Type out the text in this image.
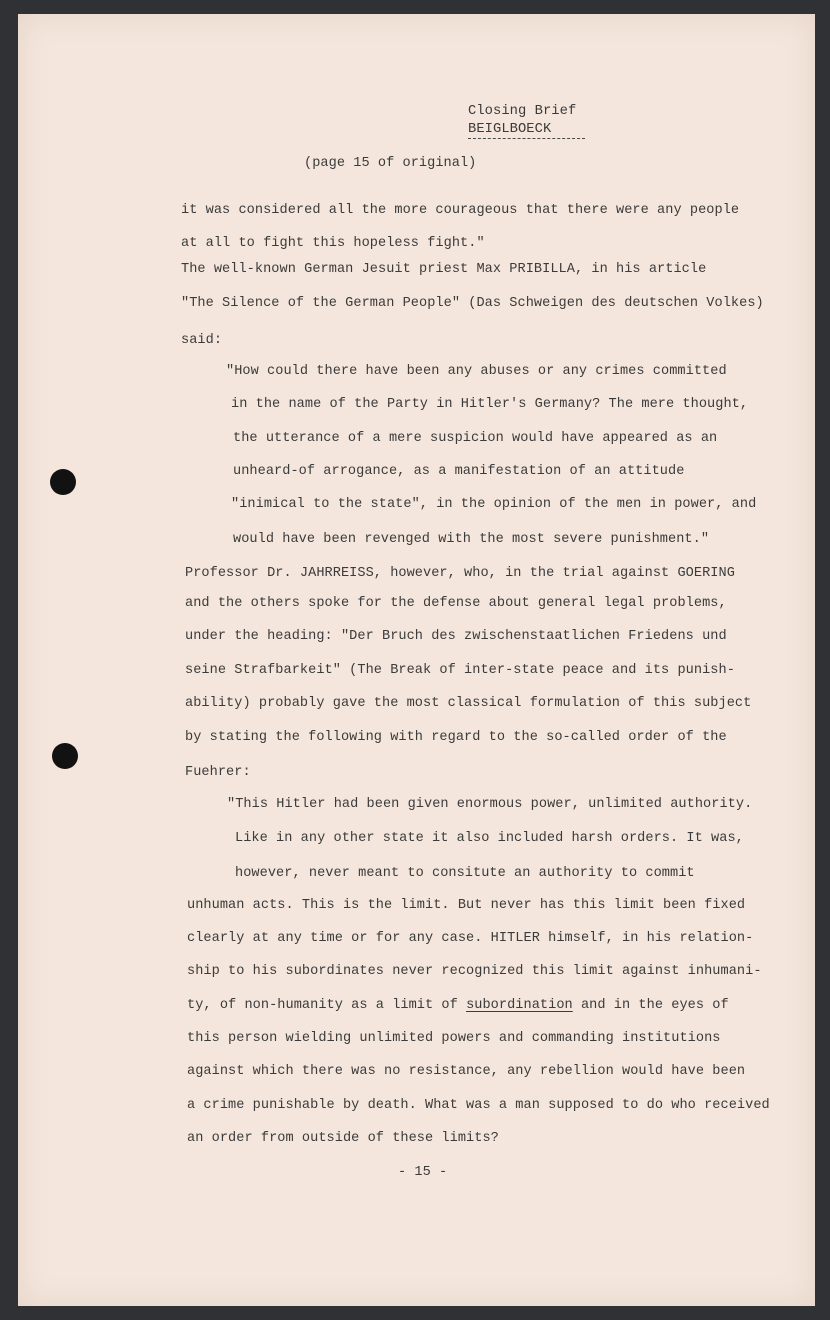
Closing Brief
BEIGLBOECK
(page 15 of original)
it was considered all the more courageous that there were any people
at all to fight this hopeless fight."
The well-known German Jesuit priest Max PRIBILLA, in his article
"The Silence of the German People" (Das Schweigen des deutschen Volkes)
said:
"How could there have been any abuses or any crimes committed
in the name of the Party in Hitler's Germany? The mere thought,
the utterance of a mere suspicion would have appeared as an
unheard-of arrogance, as a manifestation of an attitude
"inimical to the state", in the opinion of the men in power, and
would have been revenged with the most severe punishment."
Professor Dr. JAHRREISS, however, who, in the trial against GOERING
and the others spoke for the defense about general legal problems,
under the heading: "Der Bruch des zwischenstaatlichen Friedens und
seine Strafbarkeit" (The Break of inter-state peace and its punish-
ability) probably gave the most classical formulation of this subject
by stating the following with regard to the so-called order of the
Fuehrer:
"This Hitler had been given enormous power, unlimited authority.
Like in any other state it also included harsh orders. It was,
however, never meant to consitute an authority to commit
unhuman acts. This is the limit. But never has this limit been fixed
clearly at any time or for any case. HITLER himself, in his relation-
ship to his subordinates never recognized this limit against inhumani-
ty, of non-humanity as a limit of subordination and in the eyes of
this person wielding unlimited powers and commanding institutions
against which there was no resistance, any rebellion would have been
a crime punishable by death. What was a man supposed to do who received
an order from outside of these limits?
- 15 -
